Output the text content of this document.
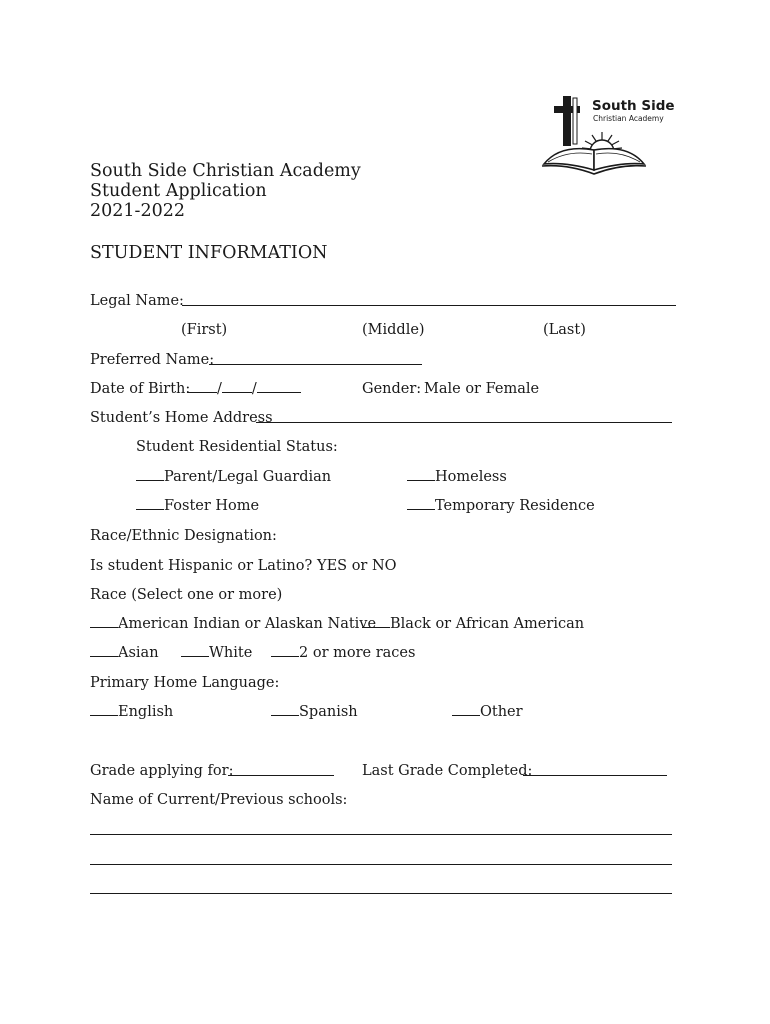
South Side
Christian Academy
South Side Christian Academy
Student Application
2021-2022
STUDENT INFORMATION
Legal Name:
(First)	(Middle)	(Last)
Preferred Name:
Date of Birth:	/ /	Gender: Male or Female
Student’s Home Address
Student Residential Status:
Parent/Legal Guardian	Homeless
Foster Home	Temporary Residence
Race/Ethnic Designation:
Is student Hispanic or Latino? YES or NO
Race (Select one or more)
American Indian or Alaskan Native Black or African American
Asian	White	2 or more races
Primary Home Language:
English	Spanish	Other
Grade applying for:	Last Grade Completed:
Name of Current/Previous schools:
